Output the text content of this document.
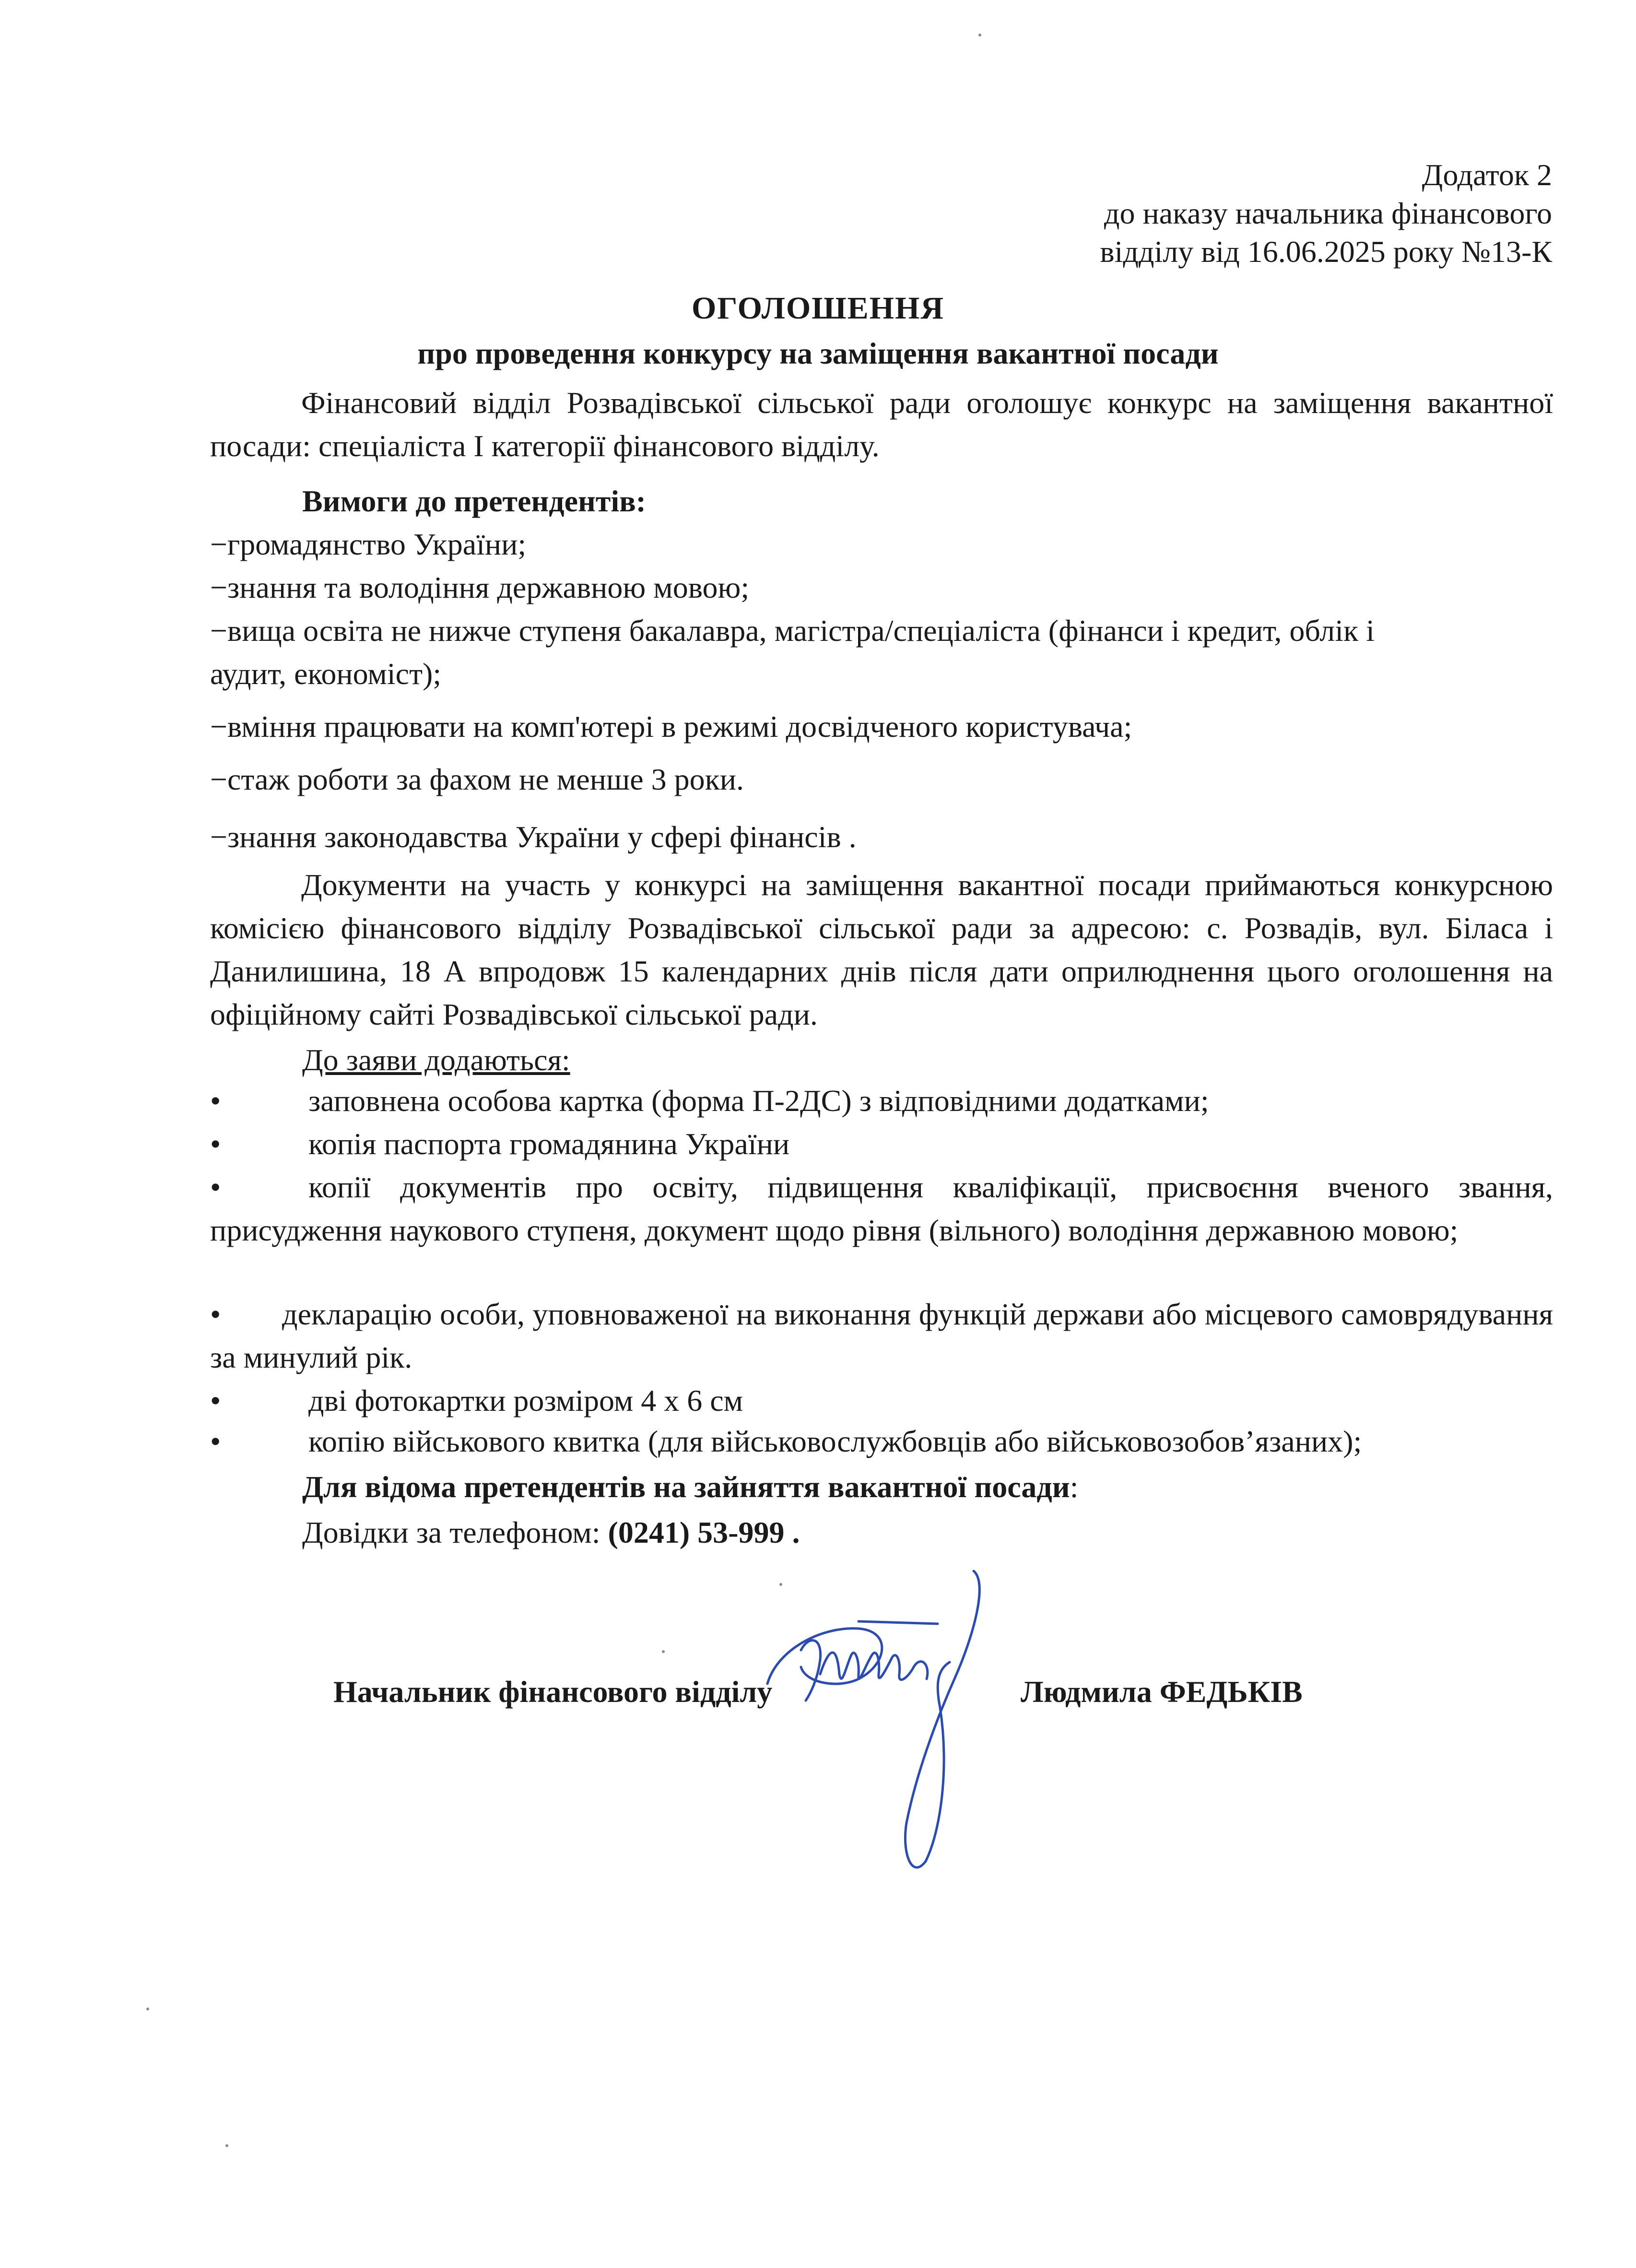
Додаток 2
до наказу начальника фінансового
відділу від 16.06.2025 року №13-К
ОГОЛОШЕННЯ
про проведення конкурсу на заміщення вакантної посади
Фінансовий відділ Розвадівської сільської ради оголошує конкурс на заміщення вакантної посади: спеціаліста І категорії фінансового відділу.
Вимоги до претендентів:
−громадянство України;
−знання та володіння державною мовою;
−вища освіта не нижче ступеня бакалавра, магістра/спеціаліста (фінанси і кредит, облік і
аудит, економіст);
−вміння працювати на комп'ютері в режимі досвідченого користувача;
−стаж роботи за фахом не менше 3 роки.
−знання законодавства України у сфері фінансів .
Документи на участь у конкурсі на заміщення вакантної посади приймаються конкурсною комісією фінансового відділу Розвадівської сільської ради за адресою: с. Розвадів, вул. Біласа і Данилишина, 18 А впродовж 15 календарних днів після дати оприлюднення цього оголошення на офіційному сайті Розвадівської сільської ради.
До заяви додаються:
•	заповнена особова картка (форма П-2ДС) з відповідними додатками;
•	копія паспорта громадянина України
•	копії документів про освіту, підвищення кваліфікації, присвоєння вченого звання, присудження наукового ступеня, документ щодо рівня (вільного) володіння державною мовою;
• декларацію особи, уповноваженої на виконання функцій держави або місцевого самоврядування за минулий рік.
•	дві фотокартки розміром 4 х 6 см
•	копію військового квитка (для військовослужбовців або військовозобов’язаних);
Для відома претендентів на зайняття вакантної посади:
Довідки за телефоном: (0241) 53-999 .
Начальник фінансового відділу	Людмила ФЕДЬКІВ
